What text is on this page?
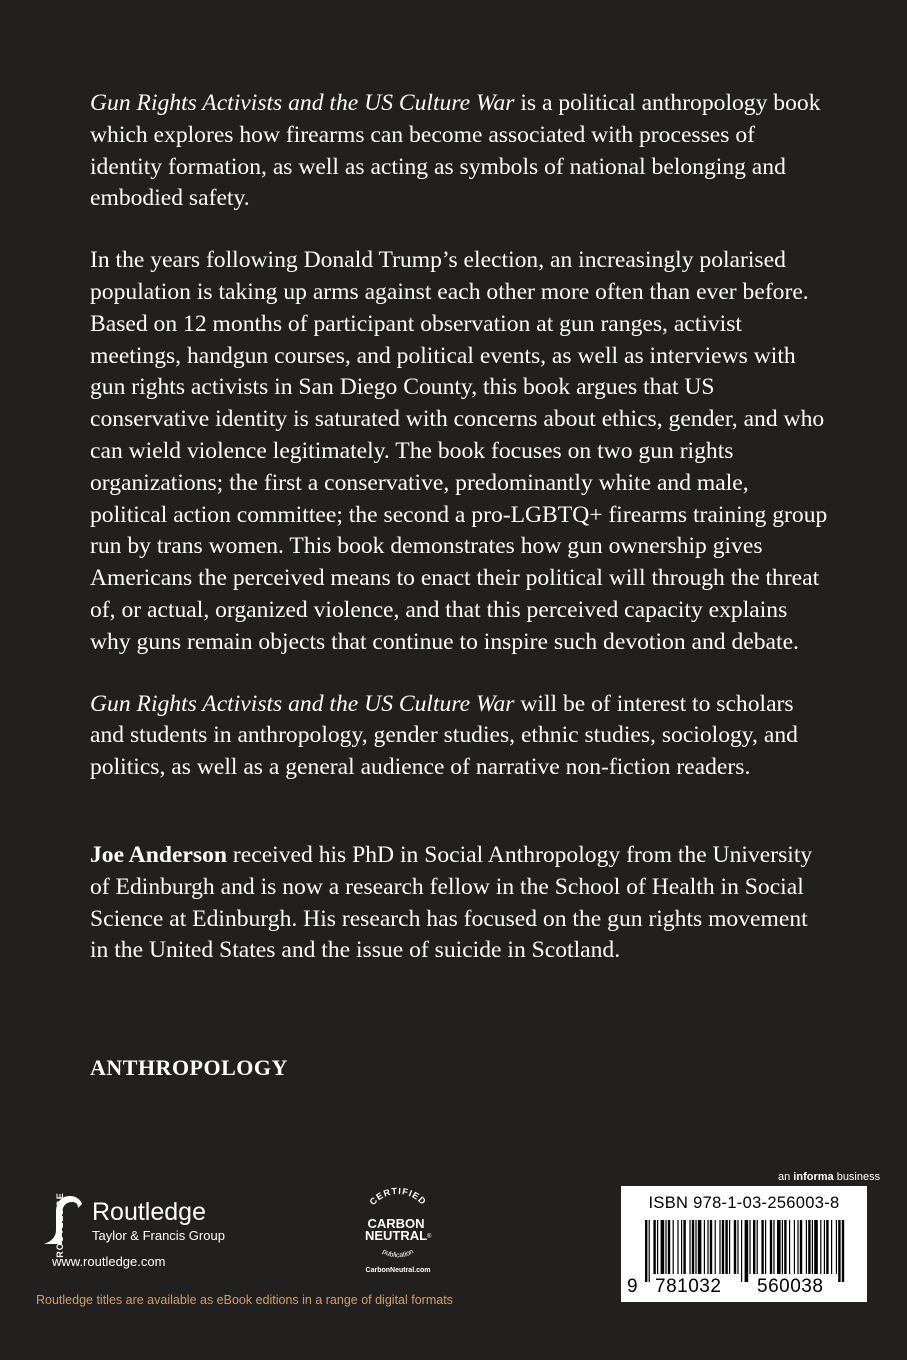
Gun Rights Activists and the US Culture War is a political anthropology book which explores how firearms can become associated with processes of identity formation, as well as acting as symbols of national belonging and embodied safety.

In the years following Donald Trump’s election, an increasingly polarised population is taking up arms against each other more often than ever before. Based on 12 months of participant observation at gun ranges, activist meetings, handgun courses, and political events, as well as interviews with gun rights activists in San Diego County, this book argues that US conservative identity is saturated with concerns about ethics, gender, and who can wield violence legitimately. The book focuses on two gun rights organizations; the first a conservative, predominantly white and male, political action committee; the second a pro-LGBTQ+ firearms training group run by trans women. This book demonstrates how gun ownership gives Americans the perceived means to enact their political will through the threat of, or actual, organized violence, and that this perceived capacity explains why guns remain objects that continue to inspire such devotion and debate.

Gun Rights Activists and the US Culture War will be of interest to scholars and students in anthropology, gender studies, ethnic studies, sociology, and politics, as well as a general audience of narrative non-fiction readers.

Joe Anderson received his PhD in Social Anthropology from the University of Edinburgh and is now a research fellow in the School of Health in Social Science at Edinburgh. His research has focused on the gun rights movement in the United States and the issue of suicide in Scotland.

ANTHROPOLOGY
ROUTLEDGE Routledge
Taylor & Francis Group
www.routledge.com
CERTIFIED
CARBON
NEUTRAL ®
publication
CarbonNeutral.com
an informa business
ISBN 978-1-03-256003-8
9 781032 560038
Routledge titles are available as eBook editions in a range of digital formats
